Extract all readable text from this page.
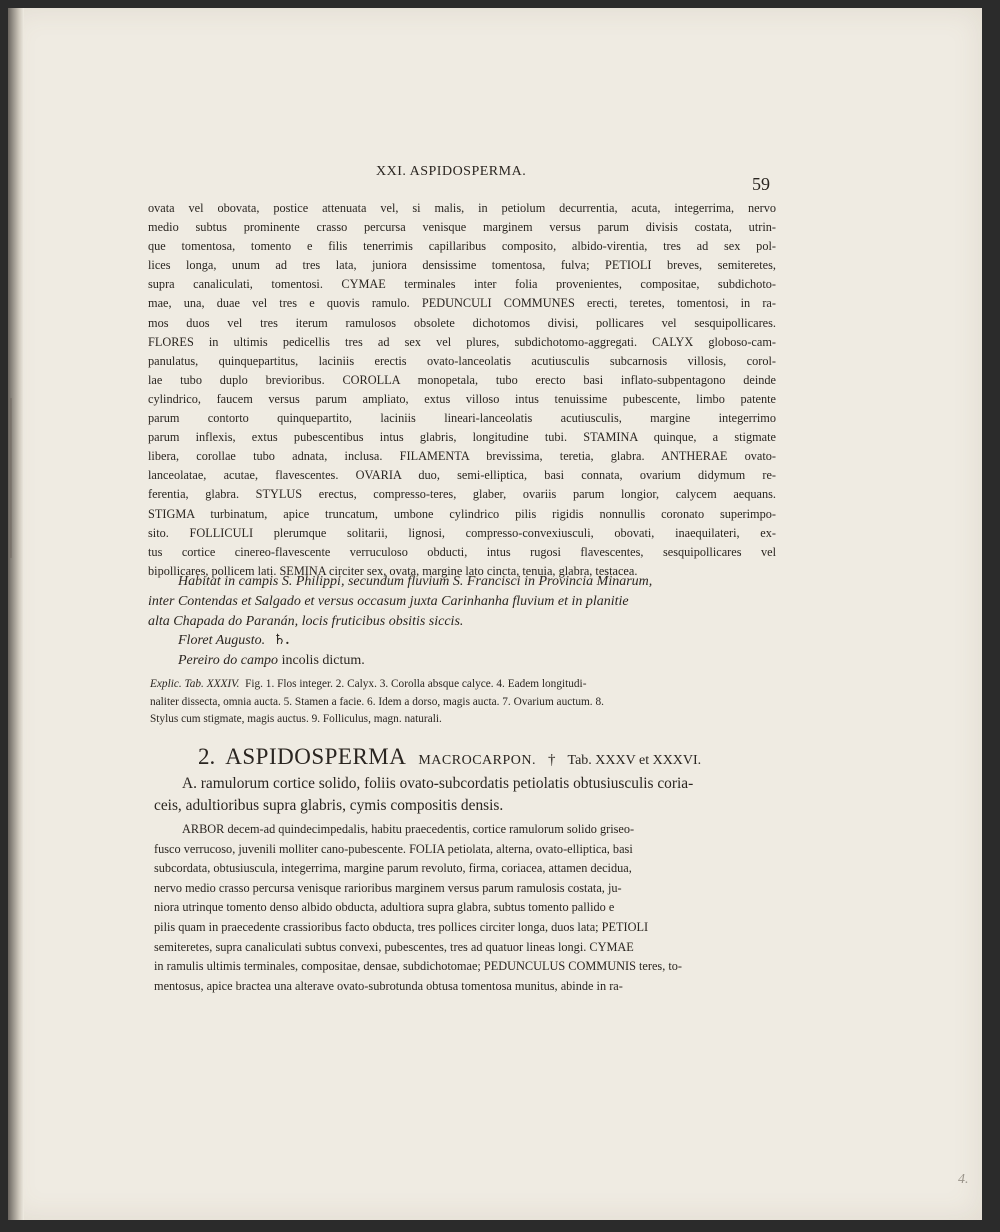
XXI. ASPIDOSPERMA.
59
ovata vel obovata, postice attenuata vel, si malis, in petiolum decurrentia, acuta, integerrima, nervo
medio subtus prominente crasso percursa venisque marginem versus parum divisis costata, utrin-
que tomentosa, tomento e filis tenerrimis capillaribus composito, albido-virentia, tres ad sex pol-
lices longa, unum ad tres lata, juniora densissime tomentosa, fulva; PETIOLI breves, semiteretes,
supra canaliculati, tomentosi. CYMAE terminales inter folia provenientes, compositae, subdichoto-
mae, una, duae vel tres e quovis ramulo. PEDUNCULI COMMUNES erecti, teretes, tomentosi, in ra-
mos duos vel tres iterum ramulosos obsolete dichotomos divisi, pollicares vel sesquipollicares.
FLORES in ultimis pedicellis tres ad sex vel plures, subdichotomo-aggregati. CALYX globoso-cam-
panulatus, quinquepartitus, laciniis erectis ovato-lanceolatis acutiusculis subcarnosis villosis, corol-
lae tubo duplo brevioribus. COROLLA monopetala, tubo erecto basi inflato-subpentagono deinde
cylindrico, faucem versus parum ampliato, extus villoso intus tenuissime pubescente, limbo patente
parum contorto quinquepartito, laciniis lineari-lanceolatis acutiusculis, margine integerrimo
parum inflexis, extus pubescentibus intus glabris, longitudine tubi. STAMINA quinque, a stigmate
libera, corollae tubo adnata, inclusa. FILAMENTA brevissima, teretia, glabra. ANTHERAE ovato-
lanceolatae, acutae, flavescentes. OVARIA duo, semi-elliptica, basi connata, ovarium didymum re-
ferentia, glabra. STYLUS erectus, compresso-teres, glaber, ovariis parum longior, calycem aequans.
STIGMA turbinatum, apice truncatum, umbone cylindrico pilis rigidis nonnullis coronato superimpo-
sito. FOLLICULI plerumque solitarii, lignosi, compresso-convexiusculi, obovati, inaequilateri, ex-
tus cortice cinereo-flavescente verruculoso obducti, intus rugosi flavescentes, sesquipollicares vel
bipollicares, pollicem lati. SEMINA circiter sex, ovata, margine lato cincta, tenuia, glabra, testacea.
Habitat in campis S. Philippi, secundum fluvium S. Francisci in Provincia Minarum,
inter Contendas et Salgado et versus occasum juxta Carinhanha fluvium et in planitie
alta Chapada do Paranán, locis fruticibus obsitis siccis.
Floret Augusto. ♄.
Pereiro do campo incolis dictum.
Explic. Tab. XXXIV. Fig. 1. Flos integer. 2. Calyx. 3. Corolla absque calyce. 4. Eadem longitudi-
naliter dissecta, omnia aucta. 5. Stamen a facie. 6. Idem a dorso, magis aucta. 7. Ovarium auctum. 8.
Stylus cum stigmate, magis auctus. 9. Folliculus, magn. naturali.
2. ASPIDOSPERMA MACROCARPON. † Tab. XXXV et XXXVI.
A. ramulorum cortice solido, foliis ovato-subcordatis petiolatis obtusiusculis coria-
ceis, adultioribus supra glabris, cymis compositis densis.
ARBOR decem-ad quindecimpedalis, habitu praecedentis, cortice ramulorum solido griseo-
fusco verrucoso, juvenili molliter cano-pubescente. FOLIA petiolata, alterna, ovato-elliptica, basi
subcordata, obtusiuscula, integerrima, margine parum revoluto, firma, coriacea, attamen decidua,
nervo medio crasso percursa venisque rarioribus marginem versus parum ramulosis costata, ju-
niora utrinque tomento denso albido obducta, adultiora supra glabra, subtus tomento pallido e
pilis quam in praecedente crassioribus facto obducta, tres pollices circiter longa, duos lata; PETIOLI
semiteretes, supra canaliculati subtus convexi, pubescentes, tres ad quatuor lineas longi. CYMAE
in ramulis ultimis terminales, compositae, densae, subdichotomae; PEDUNCULUS COMMUNIS teres, to-
mentosus, apice bractea una alterave ovato-subrotunda obtusa tomentosa munitus, abinde in ra-
4.
